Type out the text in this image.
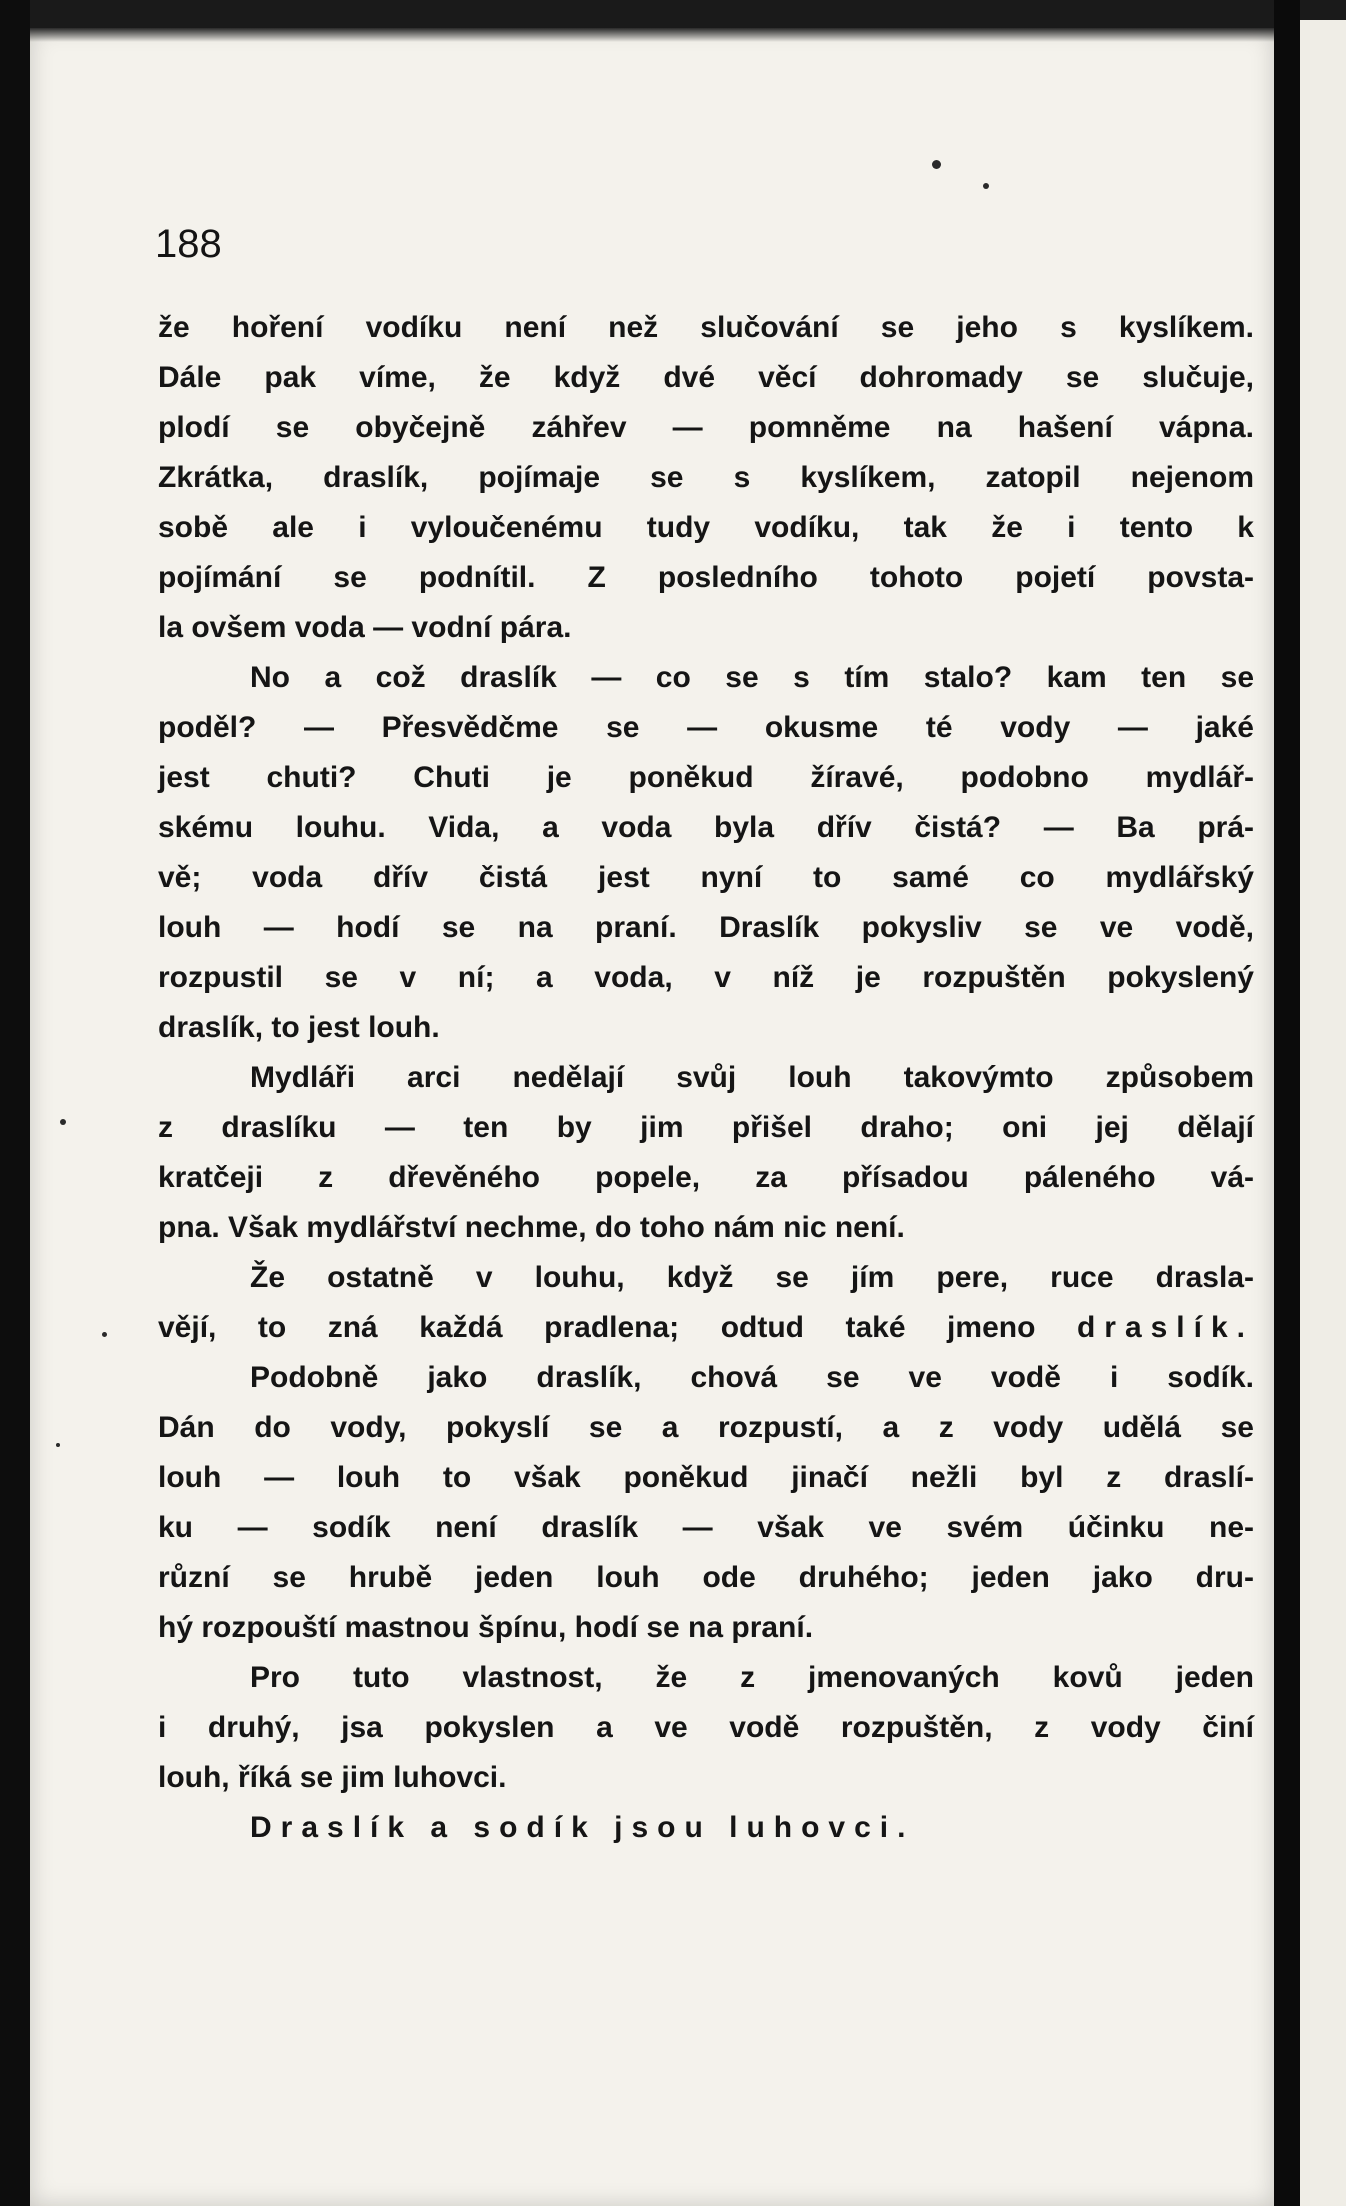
188
že hoření vodíku není než slučování se jeho s kyslíkem.
Dále pak víme, že když dvé věcí dohromady se slučuje,
plodí se obyčejně záhřev — pomněme na hašení vápna.
Zkrátka, draslík, pojímaje se s kyslíkem, zatopil nejenom
sobě ale i vyloučenému tudy vodíku, tak že i tento k
pojímání se podnítil. Z posledního tohoto pojetí povsta-
la ovšem voda — vodní pára.
No a což draslík — co se s tím stalo? kam ten se
poděl? — Přesvědčme se — okusme té vody — jaké
jest chuti? Chuti je poněkud žíravé, podobno mydlář-
skému louhu. Vida, a voda byla dřív čistá? — Ba prá-
vě; voda dřív čistá jest nyní to samé co mydlářský
louh — hodí se na praní. Draslík pokysliv se ve vodě,
rozpustil se v ní; a voda, v níž je rozpuštěn pokyslený
draslík, to jest louh.
Mydláři arci nedělají svůj louh takovýmto způsobem
z draslíku — ten by jim přišel draho; oni jej dělají
kratčeji z dřevěného popele, za přísadou páleného vá-
pna. Však mydlářství nechme, do toho nám nic není.
Že ostatně v louhu, když se jím pere, ruce drasla-
vějí, to zná každá pradlena; odtud také jmeno draslík.
Podobně jako draslík, chová se ve vodě i sodík.
Dán do vody, pokyslí se a rozpustí, a z vody udělá se
louh — louh to však poněkud jinačí nežli byl z draslí-
ku — sodík není draslík — však ve svém účinku ne-
různí se hrubě jeden louh ode druhého; jeden jako dru-
hý rozpouští mastnou špínu, hodí se na praní.
Pro tuto vlastnost, že z jmenovaných kovů jeden
i druhý, jsa pokyslen a ve vodě rozpuštěn, z vody činí
louh, říká se jim luhovci.
Draslík a sodík jsou luhovci.
